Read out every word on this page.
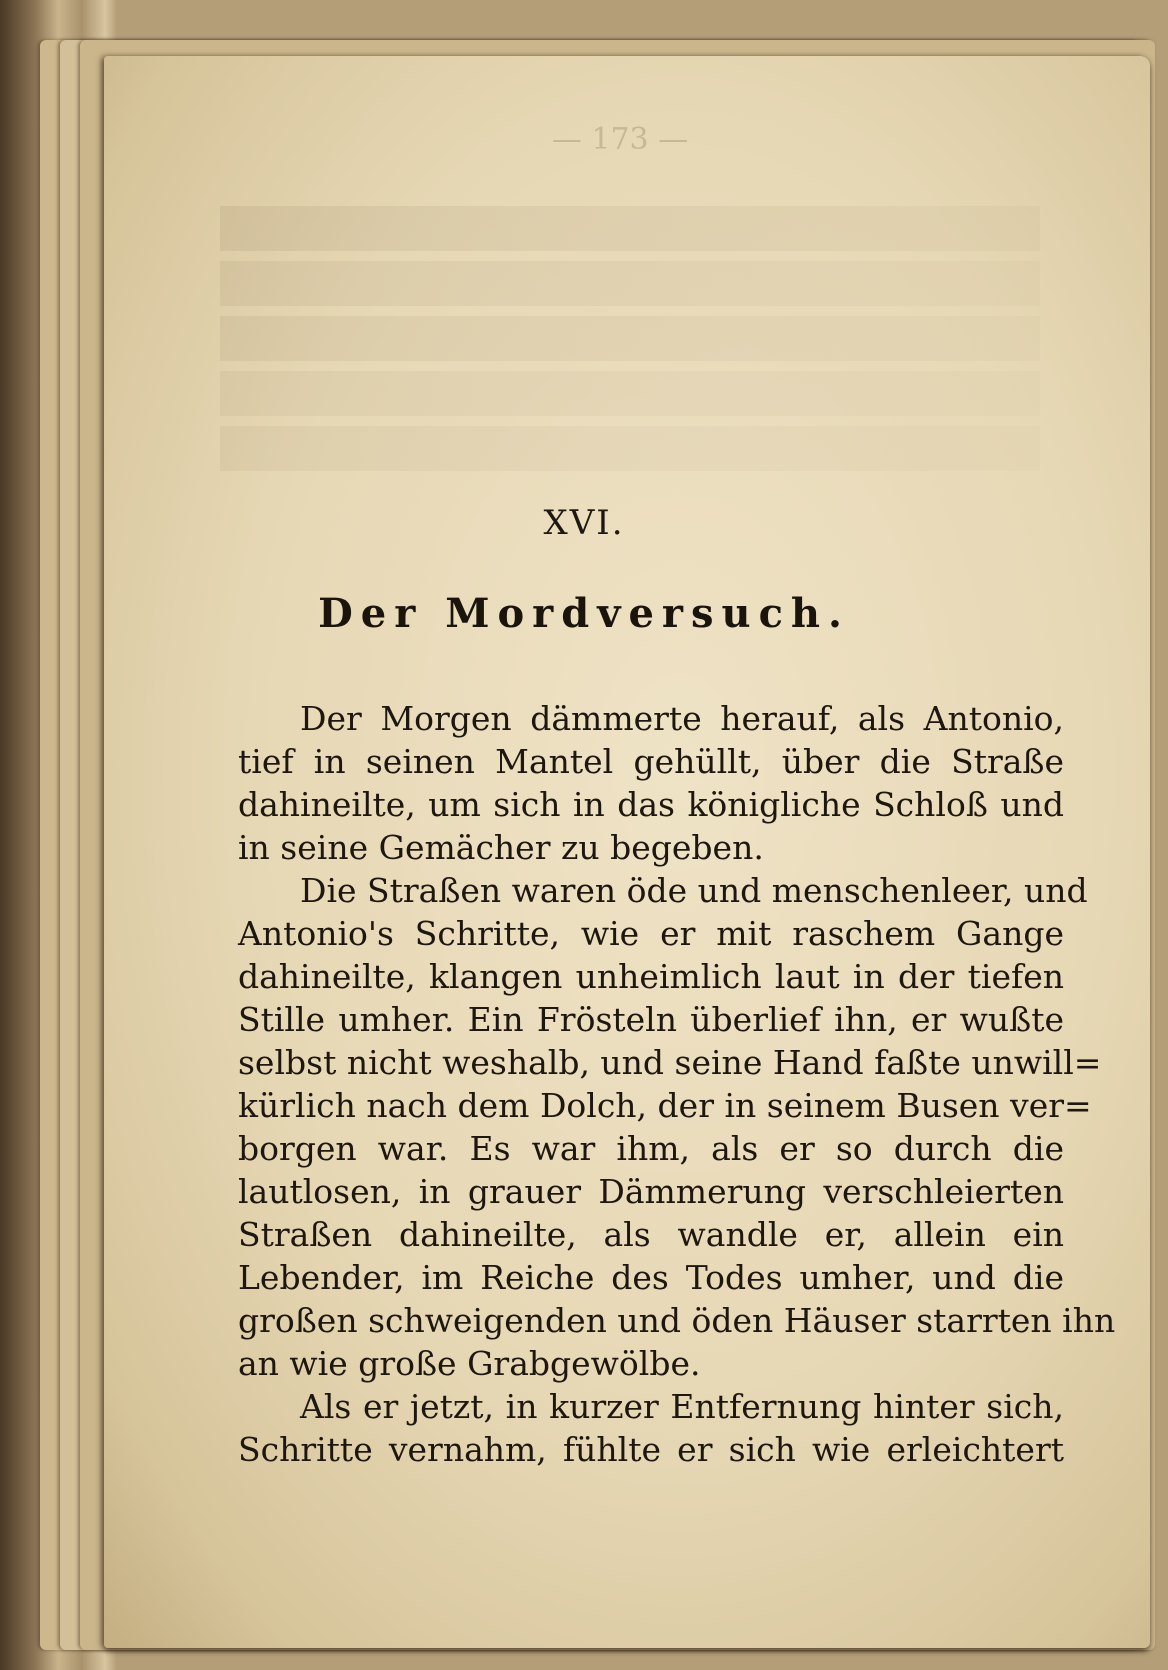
— 173 —
XVI.
Der Mordversuch.
Der Morgen dämmerte herauf, als Antonio,
tief in seinen Mantel gehüllt, über die Straße
dahineilte, um sich in das königliche Schloß und
in seine Gemächer zu begeben.
Die Straßen waren öde und menschenleer, und
Antonio's Schritte, wie er mit raschem Gange
dahineilte, klangen unheimlich laut in der tiefen
Stille umher. Ein Frösteln überlief ihn, er wußte
selbst nicht weshalb, und seine Hand faßte unwill=
kürlich nach dem Dolch, der in seinem Busen ver=
borgen war. Es war ihm, als er so durch die
lautlosen, in grauer Dämmerung verschleierten
Straßen dahineilte, als wandle er, allein ein
Lebender, im Reiche des Todes umher, und die
großen schweigenden und öden Häuser starrten ihn
an wie große Grabgewölbe.
Als er jetzt, in kurzer Entfernung hinter sich,
Schritte vernahm, fühlte er sich wie erleichtert
